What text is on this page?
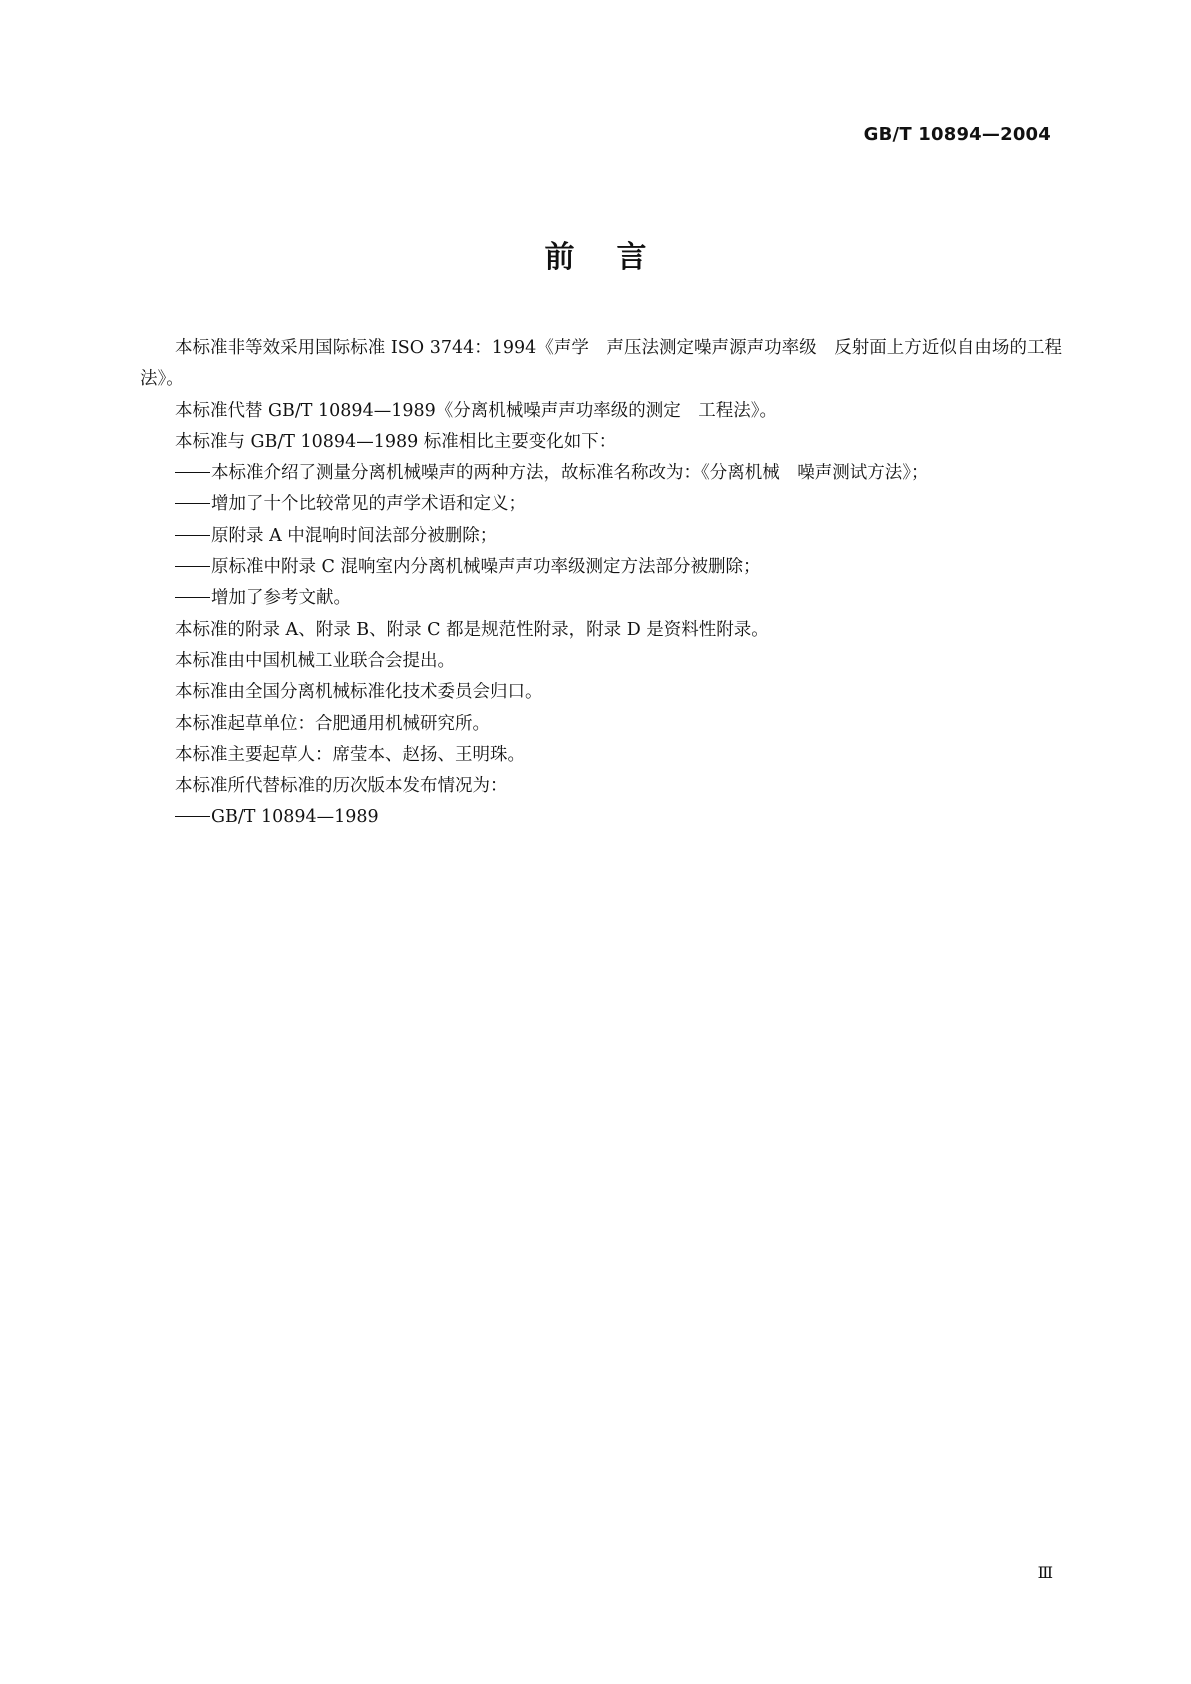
GB/T 10894—2004
前言

本标准非等效采用国际标准 ISO 3744：1994《声学　声压法测定噪声源声功率级　反射面上方近似自由场的工程法》。

本标准代替 GB/T 10894—1989《分离机械噪声声功率级的测定　工程法》。

本标准与 GB/T 10894—1989 标准相比主要变化如下：

本标准介绍了测量分离机械噪声的两种方法，故标准名称改为：《分离机械　噪声测试方法》；

增加了十个比较常见的声学术语和定义；

原附录 A 中混响时间法部分被删除；

原标准中附录 C 混响室内分离机械噪声声功率级测定方法部分被删除；

增加了参考文献。

本标准的附录 A、附录 B、附录 C 都是规范性附录，附录 D 是资料性附录。

本标准由中国机械工业联合会提出。

本标准由全国分离机械标准化技术委员会归口。

本标准起草单位：合肥通用机械研究所。

本标准主要起草人：席莹本、赵扬、王明珠。

本标准所代替标准的历次版本发布情况为：

GB/T 10894—1989

Ⅲ
